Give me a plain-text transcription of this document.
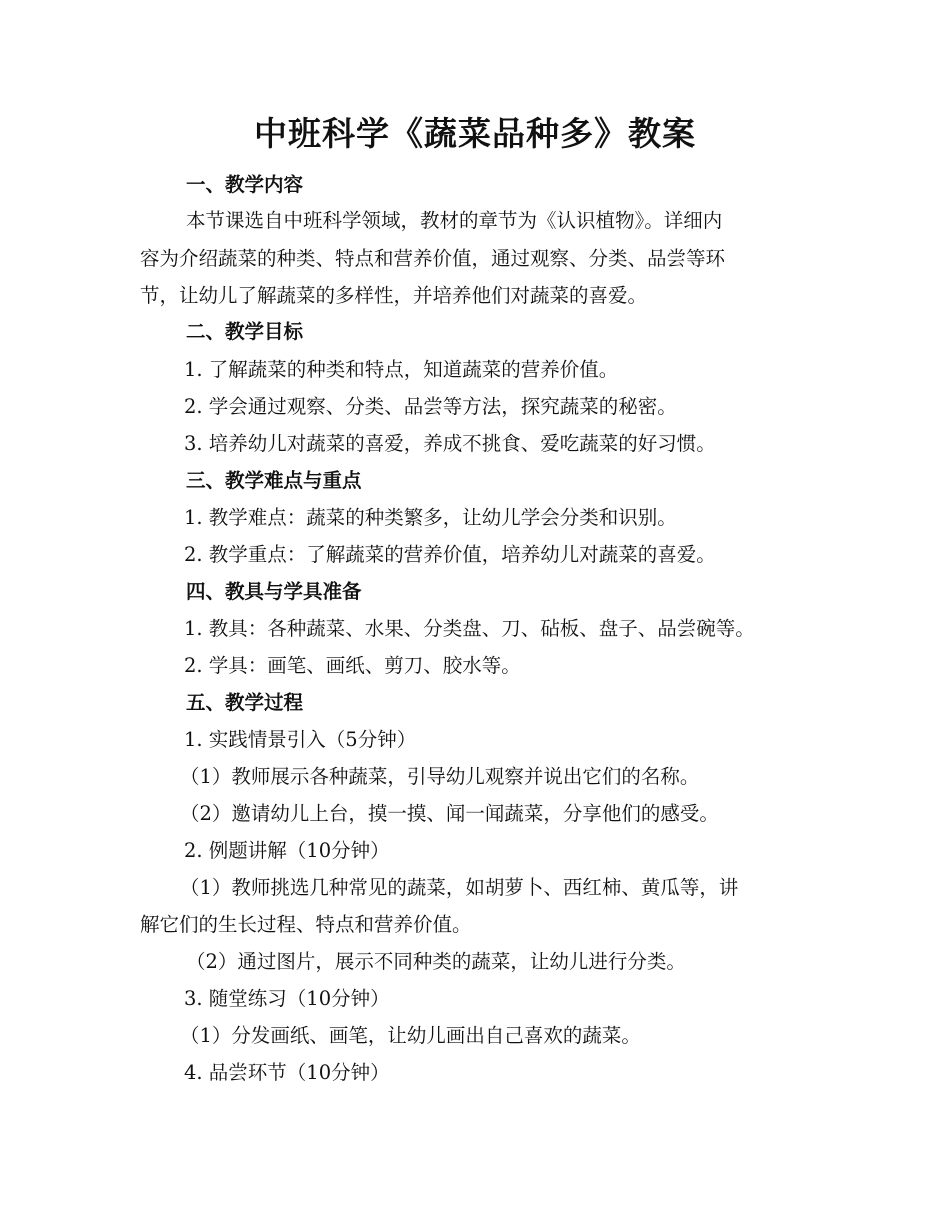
中班科学《蔬菜品种多》教案
一、教学内容
本节课选自中班科学领域，教材的章节为《认识植物》。详细内
容为介绍蔬菜的种类、特点和营养价值，通过观察、分类、品尝等环
节，让幼儿了解蔬菜的多样性，并培养他们对蔬菜的喜爱。
二、教学目标
1. 了解蔬菜的种类和特点，知道蔬菜的营养价值。
2. 学会通过观察、分类、品尝等方法，探究蔬菜的秘密。
3. 培养幼儿对蔬菜的喜爱，养成不挑食、爱吃蔬菜的好习惯。
三、教学难点与重点
1. 教学难点：蔬菜的种类繁多，让幼儿学会分类和识别。
2. 教学重点：了解蔬菜的营养价值，培养幼儿对蔬菜的喜爱。
四、教具与学具准备
1. 教具：各种蔬菜、水果、分类盘、刀、砧板、盘子、品尝碗等。
2. 学具：画笔、画纸、剪刀、胶水等。
五、教学过程
1. 实践情景引入（5分钟）
（1）教师展示各种蔬菜，引导幼儿观察并说出它们的名称。
（2）邀请幼儿上台，摸一摸、闻一闻蔬菜，分享他们的感受。
2. 例题讲解（10分钟）
（1）教师挑选几种常见的蔬菜，如胡萝卜、西红柿、黄瓜等，讲
解它们的生长过程、特点和营养价值。
（2）通过图片，展示不同种类的蔬菜，让幼儿进行分类。
3. 随堂练习（10分钟）
（1）分发画纸、画笔，让幼儿画出自己喜欢的蔬菜。
4. 品尝环节（10分钟）
